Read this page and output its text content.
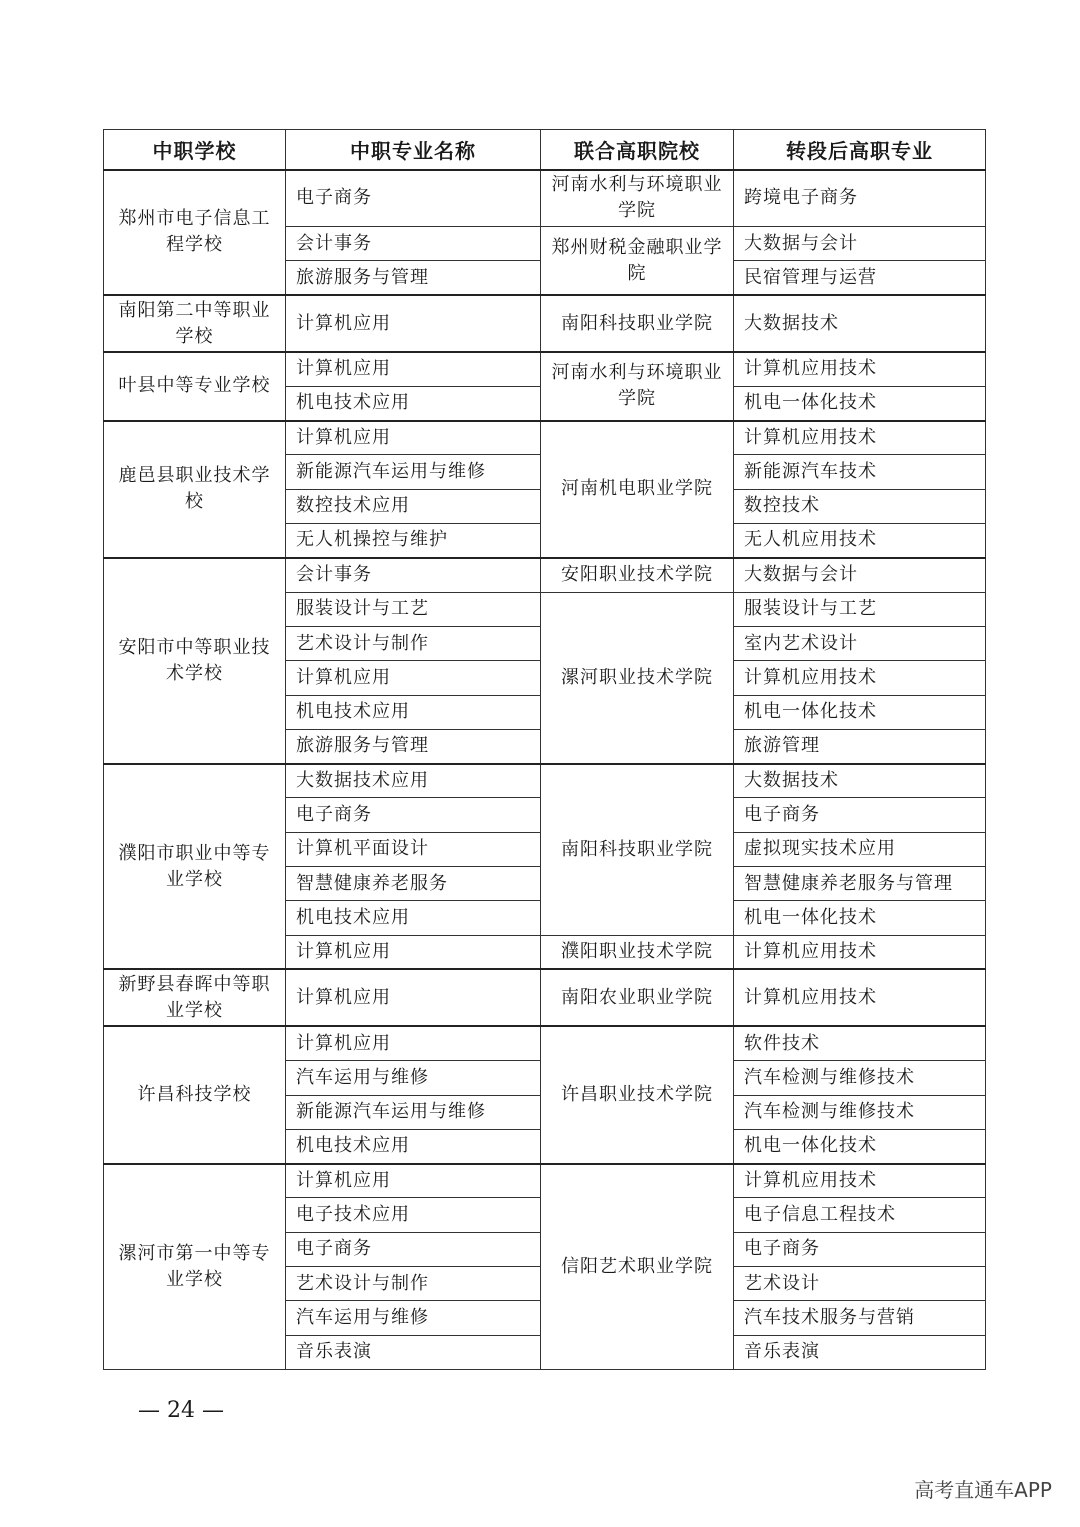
中职学校	中职专业名称	联合高职院校	转段后高职专业
郑州市电子信息工程学校	电子商务	河南水利与环境职业学院	跨境电子商务
	会计事务	郑州财税金融职业学院	大数据与会计
	旅游服务与管理		民宿管理与运营
南阳第二中等职业学校	计算机应用	南阳科技职业学院	大数据技术
叶县中等专业学校	计算机应用	河南水利与环境职业学院	计算机应用技术
	机电技术应用		机电一体化技术
鹿邑县职业技术学校	计算机应用	河南机电职业学院	计算机应用技术
	新能源汽车运用与维修		新能源汽车技术
	数控技术应用		数控技术
	无人机操控与维护		无人机应用技术
安阳市中等职业技术学校	会计事务	安阳职业技术学院	大数据与会计
	服装设计与工艺	漯河职业技术学院	服装设计与工艺
	艺术设计与制作		室内艺术设计
	计算机应用		计算机应用技术
	机电技术应用		机电一体化技术
	旅游服务与管理		旅游管理
濮阳市职业中等专业学校	大数据技术应用	南阳科技职业学院	大数据技术
	电子商务		电子商务
	计算机平面设计		虚拟现实技术应用
	智慧健康养老服务		智慧健康养老服务与管理
	机电技术应用		机电一体化技术
	计算机应用	濮阳职业技术学院	计算机应用技术
新野县春晖中等职业学校	计算机应用	南阳农业职业学院	计算机应用技术
许昌科技学校	计算机应用	许昌职业技术学院	软件技术
	汽车运用与维修		汽车检测与维修技术
	新能源汽车运用与维修		汽车检测与维修技术
	机电技术应用		机电一体化技术
漯河市第一中等专业学校	计算机应用	信阳艺术职业学院	计算机应用技术
	电子技术应用		电子信息工程技术
	电子商务		电子商务
	艺术设计与制作		艺术设计
	汽车运用与维修		汽车技术服务与营销
	音乐表演		音乐表演
— 24 —
高考直通车APP
